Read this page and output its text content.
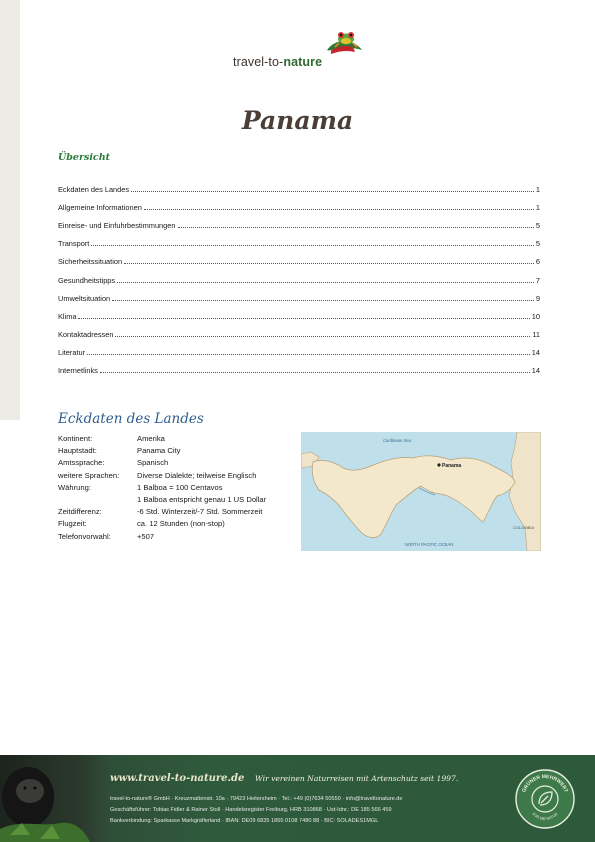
travel-to-nature
Panama
Übersicht
Eckdaten des Landes	1
Allgemeine Informationen	1
Einreise- und Einfuhrbestimmungen	5
Transport	5
Sicherheitssituation	6
Gesundheitstipps	7
Umweltsituation	9
Klima	10
Kontaktadressen	11
Literatur	14
Internetlinks	14
Eckdaten des Landes
Kontinent:	Amerika
Hauptstadt:	Panama City
Amtssprache:	Spanisch
weitere Sprachen:	Diverse Dialekte; teilweise Englisch
Währung:	1 Balboa = 100 Centavos
1 Balboa entspricht genau 1 US Dollar
Zeitdifferenz:	-6 Std. Winterzeit/-7 Std. Sommerzeit
Flugzeit:	ca. 12 Stunden (non-stop)
Telefonvorwahl:	+507
Panama
Caribbean Sea
NORTH PACIFIC OCEAN
COLOMBIA
www.travel-to-nature.de Wir vereinen Naturreisen mit Artenschutz seit 1997.
travel-to-nature® GmbH · Kreuzmattenstr. 10a · 79423 Heitersheim · Tel.: +49 (0)7634 50550 · info@traveltonature.de
Geschäftsführer: Tobias Fidler & Rainer Stoll · Handelsregister Freiburg, HRB 310868 · Ust-Idnr.: DE 185 566 459
Bankverbindung: Sparkasse Markgräflerland · IBAN: DE09 6835 1865 0108 7480 88 · BIC: SOLADES1MGL
GRÜNER MEHRWERT
FÜR DIE NATUR
